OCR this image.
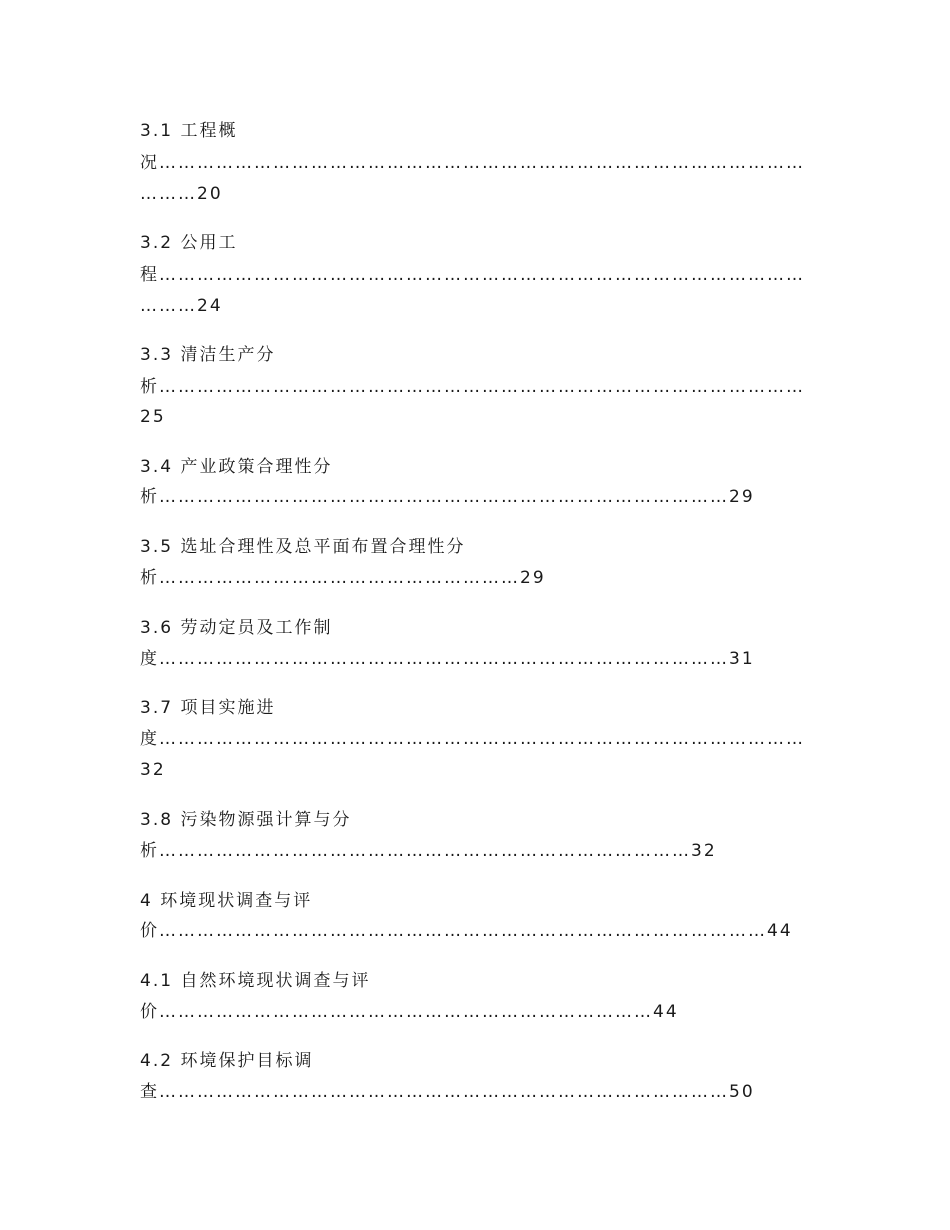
3.1 工程概
况…………………………………………………………………………………………
………20
3.2 公用工
程…………………………………………………………………………………………
………24
3.3 清洁生产分
析…………………………………………………………………………………………
25
3.4 产业政策合理性分
析………………………………………………………………………………29
3.5 选址合理性及总平面布置合理性分
析…………………………………………………29
3.6 劳动定员及工作制
度………………………………………………………………………………31
3.7 项目实施进
度…………………………………………………………………………………………
32
3.8 污染物源强计算与分
析…………………………………………………………………………32
4 环境现状调查与评
价……………………………………………………………………………………44
4.1 自然环境现状调查与评
价……………………………………………………………………44
4.2 环境保护目标调
查………………………………………………………………………………50
